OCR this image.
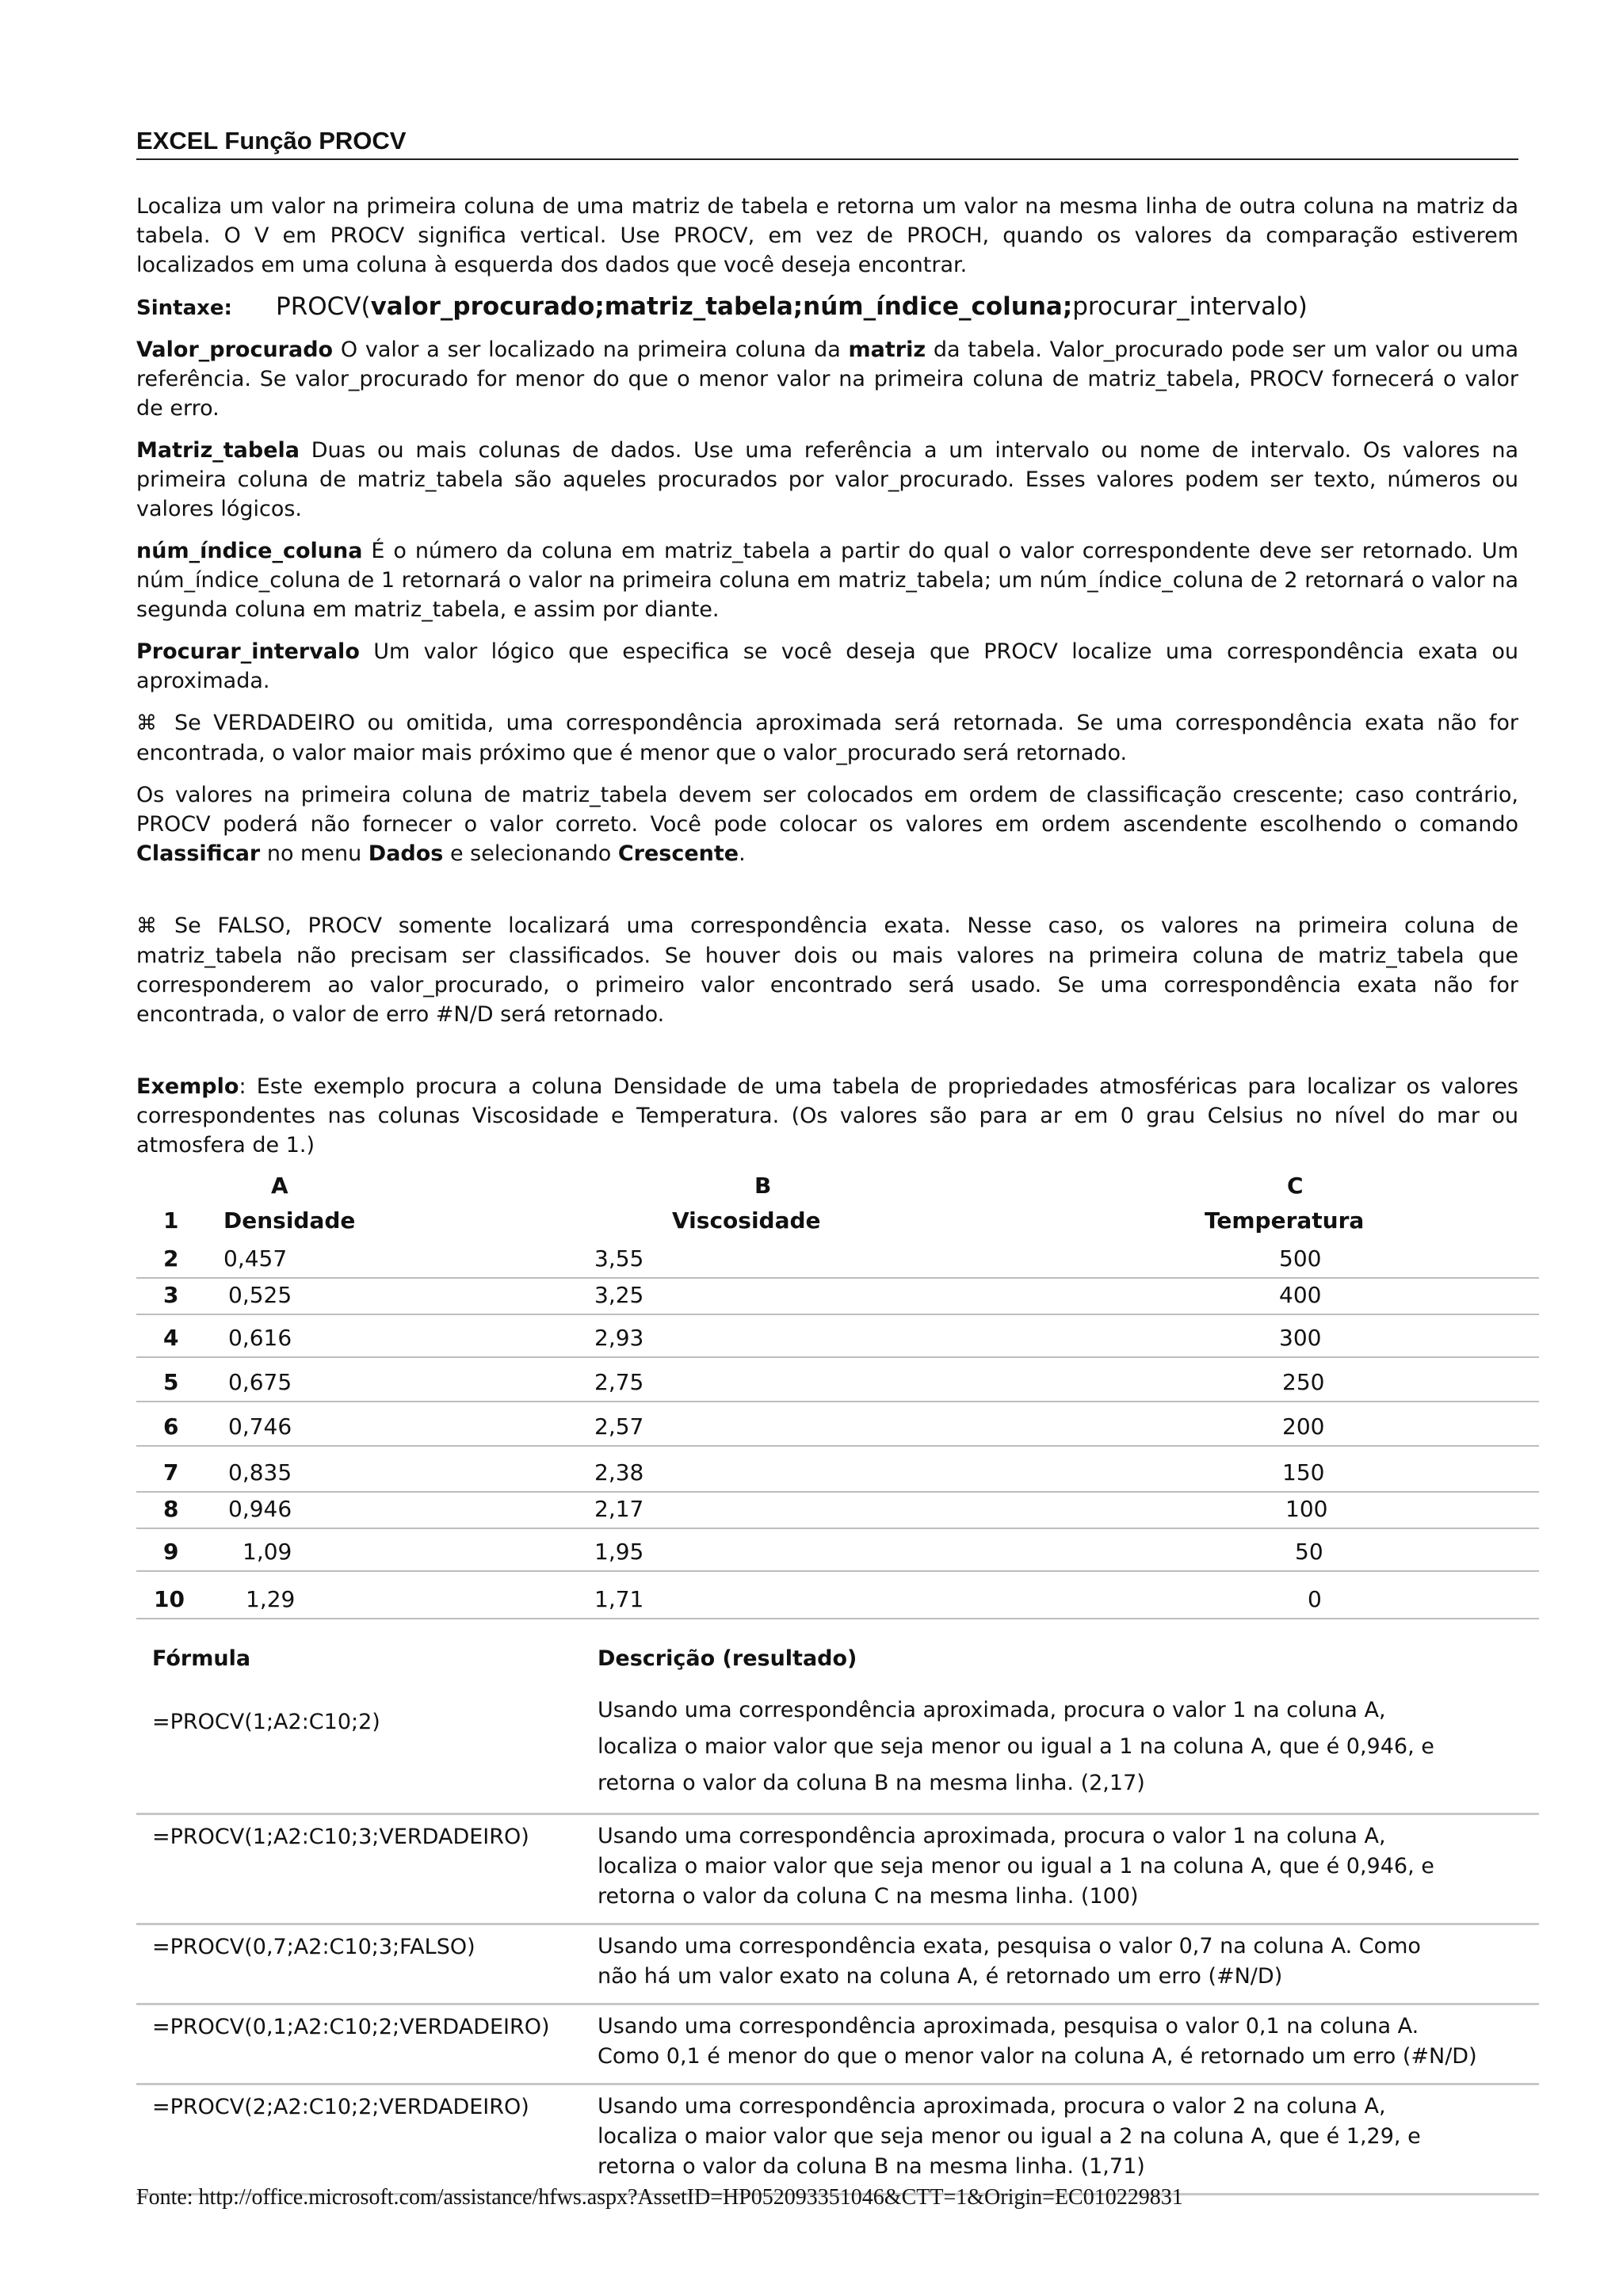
EXCEL Função PROCV

Localiza um valor na primeira coluna de uma matriz de tabela e retorna um valor na mesma linha de outra coluna na matriz da tabela. O V em PROCV significa vertical. Use PROCV, em vez de PROCH, quando os valores da comparação estiverem localizados em uma coluna à esquerda dos dados que você deseja encontrar.

Sintaxe:	PROCV(valor_procurado;matriz_tabela;núm_índice_coluna;procurar_intervalo)

Valor_procurado O valor a ser localizado na primeira coluna da matriz da tabela. Valor_procurado pode ser um valor ou uma referência. Se valor_procurado for menor do que o menor valor na primeira coluna de matriz_tabela, PROCV fornecerá o valor de erro.

Matriz_tabela Duas ou mais colunas de dados. Use uma referência a um intervalo ou nome de intervalo. Os valores na primeira coluna de matriz_tabela são aqueles procurados por valor_procurado. Esses valores podem ser texto, números ou valores lógicos.

núm_índice_coluna É o número da coluna em matriz_tabela a partir do qual o valor correspondente deve ser retornado. Um núm_índice_coluna de 1 retornará o valor na primeira coluna em matriz_tabela; um núm_índice_coluna de 2 retornará o valor na segunda coluna em matriz_tabela, e assim por diante.

Procurar_intervalo Um valor lógico que especifica se você deseja que PROCV localize uma correspondência exata ou aproximada.

⌘ Se VERDADEIRO ou omitida, uma correspondência aproximada será retornada. Se uma correspondência exata não for encontrada, o valor maior mais próximo que é menor que o valor_procurado será retornado.

Os valores na primeira coluna de matriz_tabela devem ser colocados em ordem de classificação crescente; caso contrário, PROCV poderá não fornecer o valor correto. Você pode colocar os valores em ordem ascendente escolhendo o comando Classificar no menu Dados e selecionando Crescente.

⌘ Se FALSO, PROCV somente localizará uma correspondência exata. Nesse caso, os valores na primeira coluna de matriz_tabela não precisam ser classificados. Se houver dois ou mais valores na primeira coluna de matriz_tabela que corresponderem ao valor_procurado, o primeiro valor encontrado será usado. Se uma correspondência exata não for encontrada, o valor de erro #N/D será retornado.

Exemplo: Este exemplo procura a coluna Densidade de uma tabela de propriedades atmosféricas para localizar os valores correspondentes nas colunas Viscosidade e Temperatura. (Os valores são para ar em 0 grau Celsius no nível do mar ou atmosfera de 1.)

A	B	C
1 Densidade	Viscosidade	Temperatura
2 0,457	3,55	500
3 0,525	3,25	400
4 0,616	2,93	300
5 0,675	2,75	250
6 0,746	2,57	200
7 0,835	2,38	150
8 0,946	2,17	100
9	1,09	1,95	50
10	1,29	1,71	0
Fórmula	Descrição (resultado)
=PROCV(1;A2:C10;2)	Usando uma correspondência aproximada, procura o valor 1 na coluna A,
localiza o maior valor que seja menor ou igual a 1 na coluna A, que é 0,946, e
retorna o valor da coluna B na mesma linha. (2,17)
=PROCV(1;A2:C10;3;VERDADEIRO)	Usando uma correspondência aproximada, procura o valor 1 na coluna A,
localiza o maior valor que seja menor ou igual a 1 na coluna A, que é 0,946, e
retorna o valor da coluna C na mesma linha. (100)
=PROCV(0,7;A2:C10;3;FALSO)	Usando uma correspondência exata, pesquisa o valor 0,7 na coluna A. Como
não há um valor exato na coluna A, é retornado um erro (#N/D)
=PROCV(0,1;A2:C10;2;VERDADEIRO) Usando uma correspondência aproximada, pesquisa o valor 0,1 na coluna A.
Como 0,1 é menor do que o menor valor na coluna A, é retornado um erro (#N/D)
=PROCV(2;A2:C10;2;VERDADEIRO)	Usando uma correspondência aproximada, procura o valor 2 na coluna A,
localiza o maior valor que seja menor ou igual a 2 na coluna A, que é 1,29, e
retorna o valor da coluna B na mesma linha. (1,71)
Fonte: http://office.microsoft.com/assistance/hfws.aspx?AssetID=HP052093351046&CTT=1&Origin=EC010229831
